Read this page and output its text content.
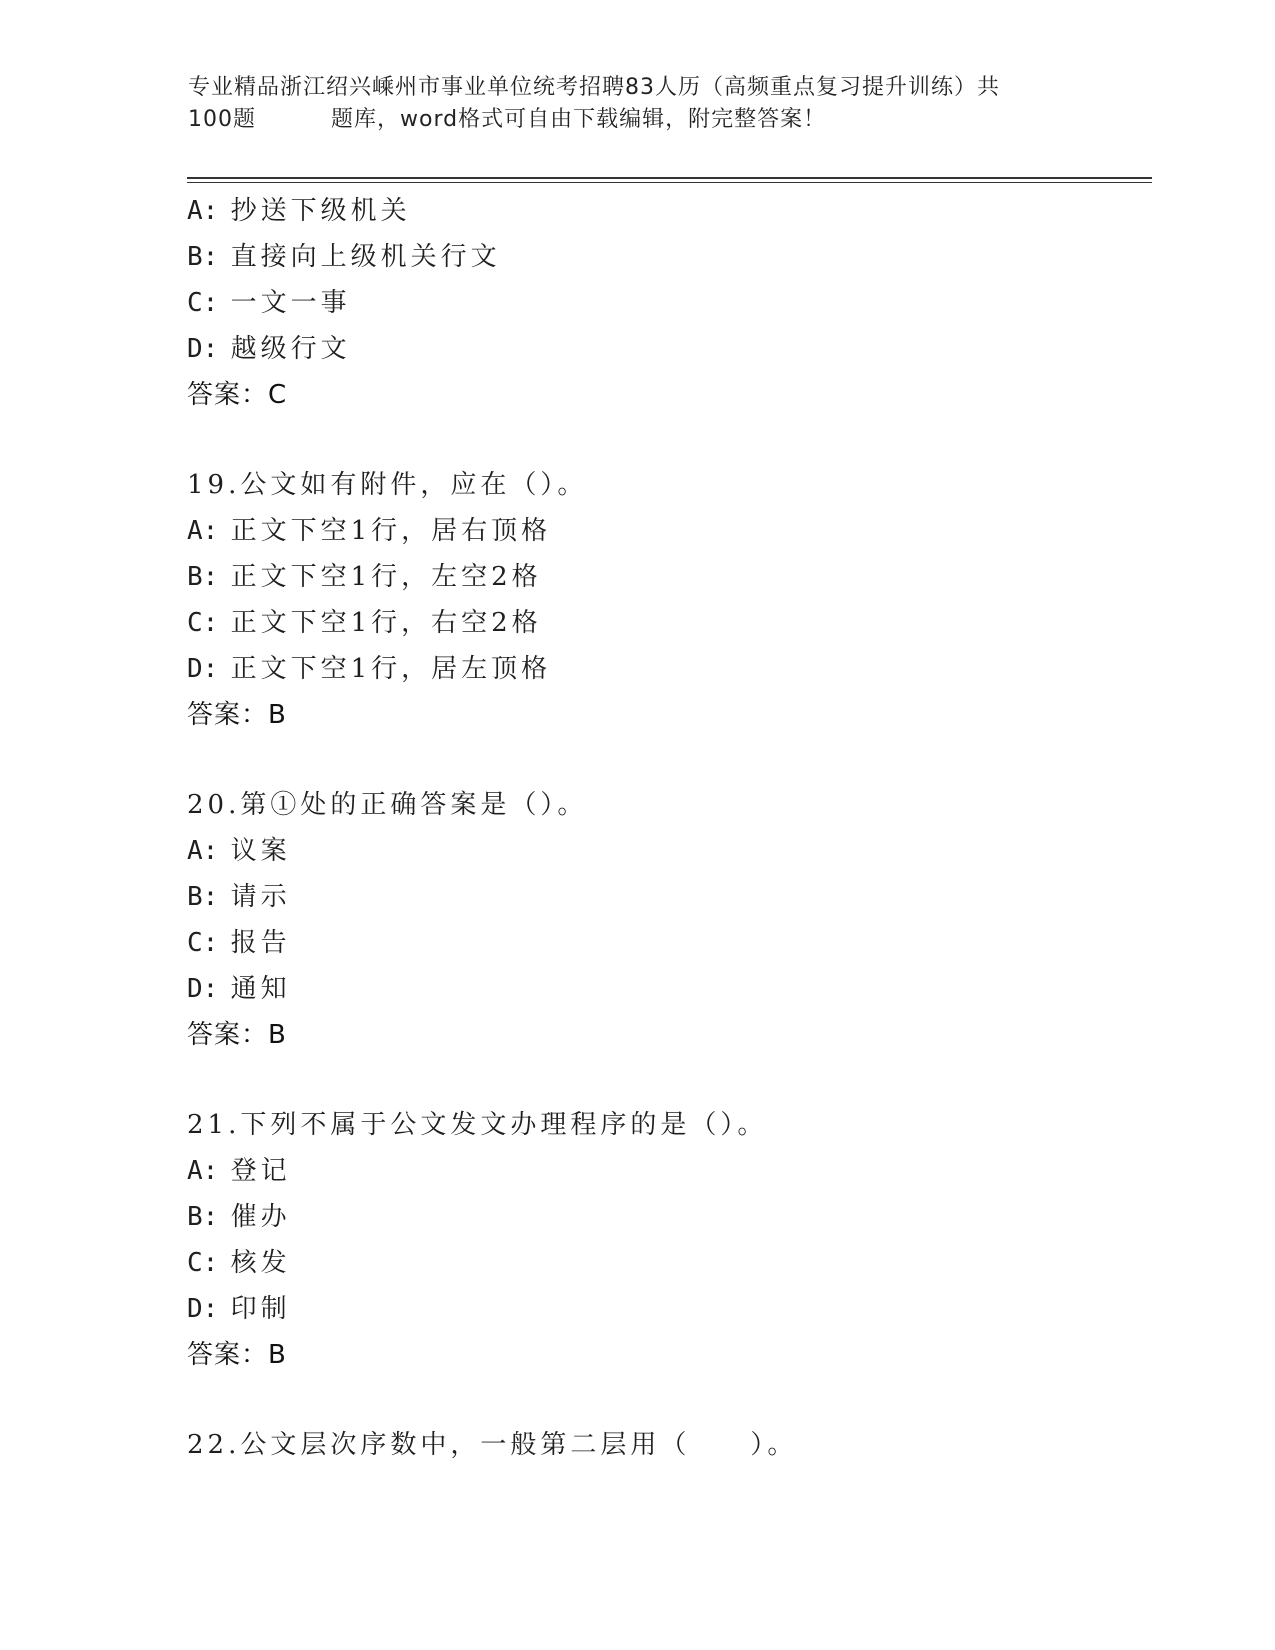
专业精品浙江绍兴嵊州市事业单位统考招聘83人历（高频重点复习提升训练）共
100题	题库，word格式可自由下载编辑，附完整答案！
A: 抄送下级机关
B: 直接向上级机关行文
C: 一文一事
D: 越级行文
答案：C
19.公文如有附件，应在（）。
A: 正文下空1行，居右顶格
B: 正文下空1行，左空2格
C: 正文下空1行，右空2格
D: 正文下空1行，居左顶格
答案：B
20.第①处的正确答案是（）。
A: 议案
B: 请示
C: 报告
D: 通知
答案：B
21.下列不属于公文发文办理程序的是（）。
A: 登记
B: 催办
C: 核发
D: 印制
答案：B
22.公文层次序数中，一般第二层用（　　）。
